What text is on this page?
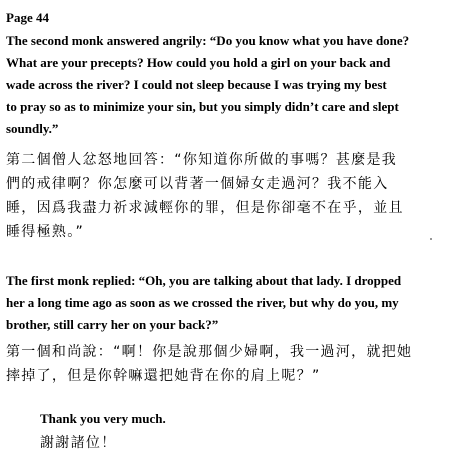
Page 44
The second monk answered angrily: “Do you know what you have done?
What are your precepts? How could you hold a girl on your back and
wade across the river? I could not sleep because I was trying my best
to pray so as to minimize your sin, but you simply didn’t care and slept
soundly.”
第二個僧人忿怒地回答：“你知道你所做的事嗎？甚麼是我
們的戒律啊？你怎麼可以背著一個婦女走過河？我不能入
睡，因爲我盡力祈求減輕你的罪，但是你卻毫不在乎，並且
睡得極熟。”
The first monk replied: “Oh, you are talking about that lady. I dropped
her a long time ago as soon as we crossed the river, but why do you, my
brother, still carry her on your back?”
第一個和尚說：“啊！你是說那個少婦啊，我一過河，就把她
摔掉了，但是你幹嘛還把她背在你的肩上呢？”
Thank you very much.
謝謝諸位！
